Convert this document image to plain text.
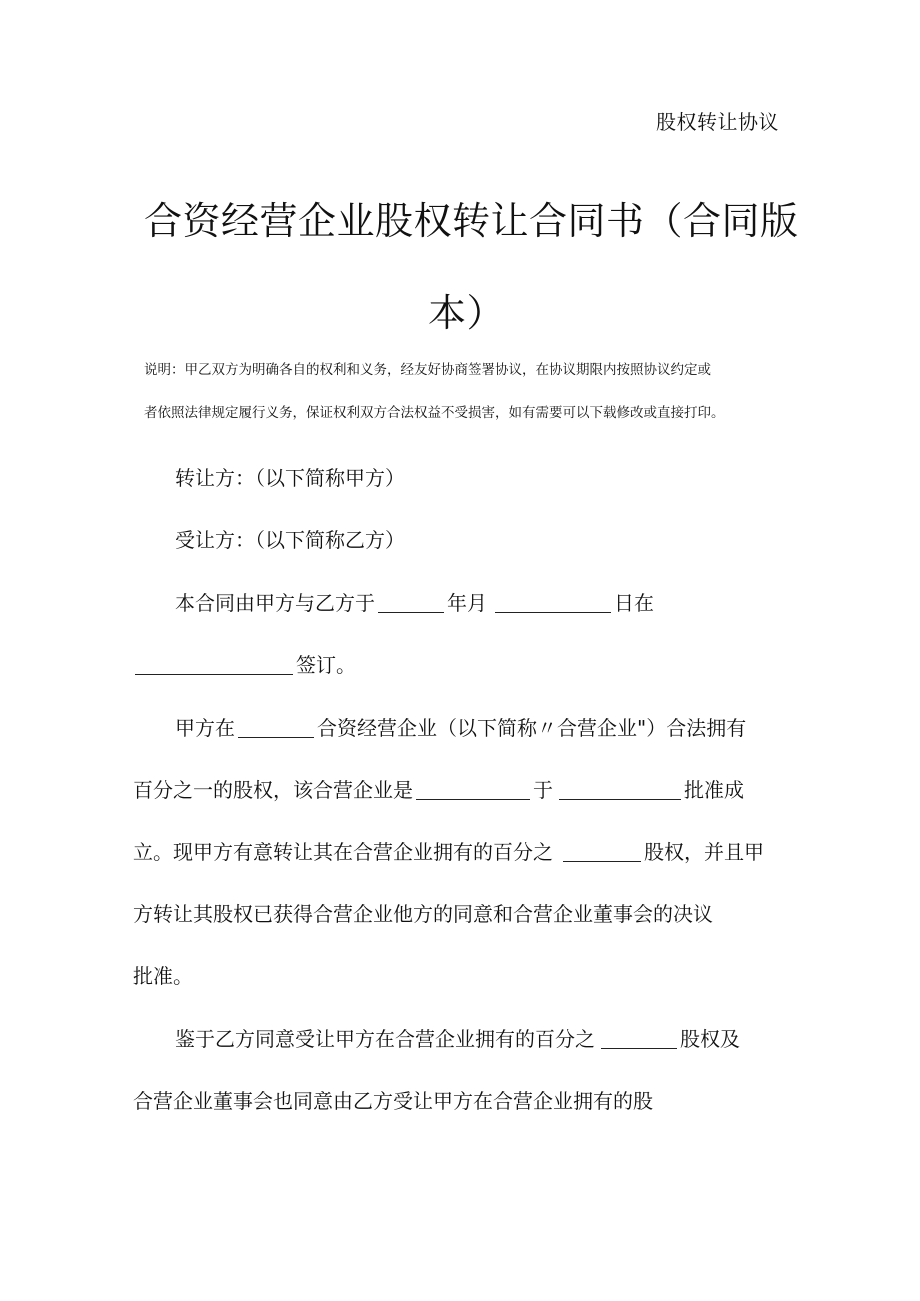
股权转让协议
合资经营企业股权转让合同书（合同版
本）
说明：甲乙双方为明确各自的权利和义务，经友好协商签署协议，在协议期限内按照协议约定或
者依照法律规定履行义务，保证权利双方合法权益不受损害，如有需要可以下载修改或直接打印。
转让方：（以下简称甲方）
受让方：（以下简称乙方）
本合同由甲方与乙方于	年月	日在
签订。
甲方在	合资经营企业（以下简称〃合营企业"）合法拥有
百分之一的股权，该合营企业是	于	批准成
立。现甲方有意转让其在合营企业拥有的百分之	股权，并且甲
方转让其股权已获得合营企业他方的同意和合营企业董事会的决议
批准。
鉴于乙方同意受让甲方在合营企业拥有的百分之	股权及
合营企业董事会也同意由乙方受让甲方在合营企业拥有的股
